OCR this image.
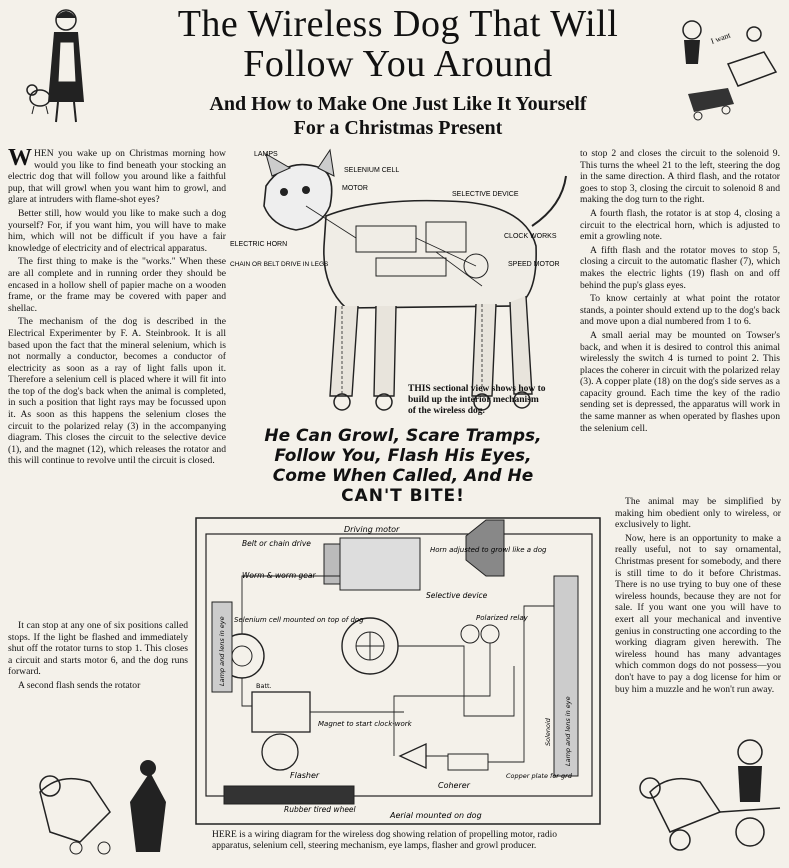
I want
The Wireless Dog That Will
Follow You Around
And How to Make One Just Like It Yourself
For a Christmas Present

WHEN you wake up on Christmas morning how would you like to find beneath your stocking an electric dog that will follow you around like a faithful pup, that will growl when you want him to growl, and glare at intruders with flame-shot eyes?

Better still, how would you like to make such a dog yourself? For, if you want him, you will have to make him, which will not be difficult if you have a fair knowledge of electricity and of electrical apparatus.

The first thing to make is the "works." When these are all complete and in running order they should be encased in a hollow shell of papier mache on a wooden frame, or the frame may be covered with paper and shellac.

The mechanism of the dog is described in the Electrical Experimenter by F. A. Steinbrook. It is all based upon the fact that the mineral selenium, which is not normally a conductor, becomes a conductor of electricity as soon as a ray of light falls upon it. Therefore a selenium cell is placed where it will fit into the top of the dog's back when the animal is completed, in such a position that light rays may be focussed upon it. As soon as this happens the selenium closes the circuit to the polarized relay (3) in the accompanying diagram. This closes the circuit to the selective device (1), and the magnet (12), which releases the rotator and this will continue to revolve until the circuit is closed.

It can stop at any one of six positions called stops. If the light be flashed and immediately shut off the rotator turns to stop 1. This closes a circuit and starts motor 6, and the dog runs forward.

A second flash sends the rotator

to stop 2 and closes the circuit to the solenoid 9. This turns the wheel 21 to the left, steering the dog in the same direction. A third flash, and the rotator goes to stop 3, closing the circuit to solenoid 8 and making the dog turn to the right.

A fourth flash, the rotator is at stop 4, closing a circuit to the electrical horn, which is adjusted to emit a growling note.

A fifth flash and the rotator moves to stop 5, closing a circuit to the automatic flasher (7), which makes the electric lights (19) flash on and off behind the pup's glass eyes.

To know certainly at what point the rotator stands, a pointer should extend up to the dog's back and move upon a dial numbered from 1 to 6.

A small aerial may be mounted on Towser's back, and when it is desired to control this animal wirelessly the switch 4 is turned to point 2. This places the coherer in circuit with the polarized relay (3). A copper plate (18) on the dog's side serves as a capacity ground. Each time the key of the radio sending set is depressed, the apparatus will work in the same manner as when operated by flashes upon the selenium cell.

The animal may be simplified by making him obedient only to wireless, or exclusively to light.

Now, here is an opportunity to make a really useful, not to say ornamental, Christmas present for somebody, and there is still time to do it before Christmas. There is no use trying to buy one of these wireless hounds, because they are not for sale. If you want one you will have to exert all your mechanical and inventive genius in constructing one according to the working diagram given herewith. The wireless hound has many advantages which common dogs do not possess—you don't have to pay a dog license for him or buy him a muzzle and he won't run away.

LAMPS
SELENIUM CELL
MOTOR
SELECTIVE DEVICE
ELECTRIC HORN
CHAIN OR BELT DRIVE IN LEGS
CLOCK WORKS
SPEED MOTOR
THIS sectional view shows how to build up the interior mechanism of the wireless dog.
He Can Growl, Scare Tramps,
Follow You, Flash His Eyes,
Come When Called, And He
CAN'T BITE!
Driving motor
Horn adjusted to growl like a dog
Belt or chain drive
Worm & worm gear
Selective device
Selenium cell mounted on top of dog	Polarized relay
Magnet to start clock-work
Flasher
Rubber tired wheel
Aerial mounted on dog
Coherer
Copper plate for grd
Lamp and lens in eye
Lamp and lens in eye
Solenoid
Batt.
HERE is a wiring diagram for the wireless dog showing relation of propelling motor, radio apparatus, selenium cell, steering mechanism, eye lamps, flasher and growl producer.
